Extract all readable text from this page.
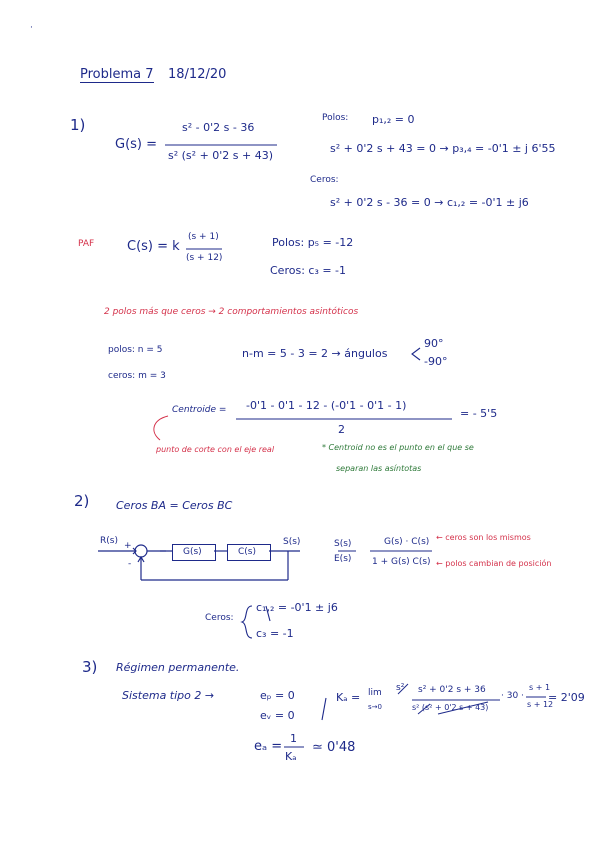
·
Problema 7 18/12/20
1)
G(s) =
s² - 0'2 s - 36
s² (s² + 0'2 s + 43)
Polos: p₁,₂ = 0
s² + 0'2 s + 43 = 0 → p₃,₄ = -0'1 ± j 6'55
Ceros:
s² + 0'2 s - 36 = 0 → c₁,₂ = -0'1 ± j6
PAF	C(s) = k
(s + 1)
(s + 12)
Polos: p₅ = -12
Ceros: c₃ = -1
2 polos más que ceros → 2 comportamientos asintóticos
polos: n = 5
ceros: m = 3
n-m = 5 - 3 = 2 → ángulos
90°
-90°
Centroide = -0'1 - 0'1 - 12 - (-0'1 - 0'1 - 1)
2
= - 5'5
punto de corte con el eje real	* Centroid no es el punto en el que se
separan las asíntotas
2) Ceros BA = Ceros BC
R(s) +
-
G(s)	C(s)
S(s)	S(s)
E(s)
G(s) · C(s)
1 + G(s) C(s)
← ceros son los mismos
← polos cambian de posición
Ceros:
c₁,₂ = -0'1 ± j6
c₃ = -1
3) Régimen permanente.
Sistema tipo 2 →	eₚ = 0
eᵥ = 0
Kₐ = lim
s→0
s² s² + 0'2 s + 36
s² (s² + 0'2 s + 43)
· 30 ·
s + 1
s + 12
= 2'09
eₐ =
1
Kₐ
≃ 0'48
